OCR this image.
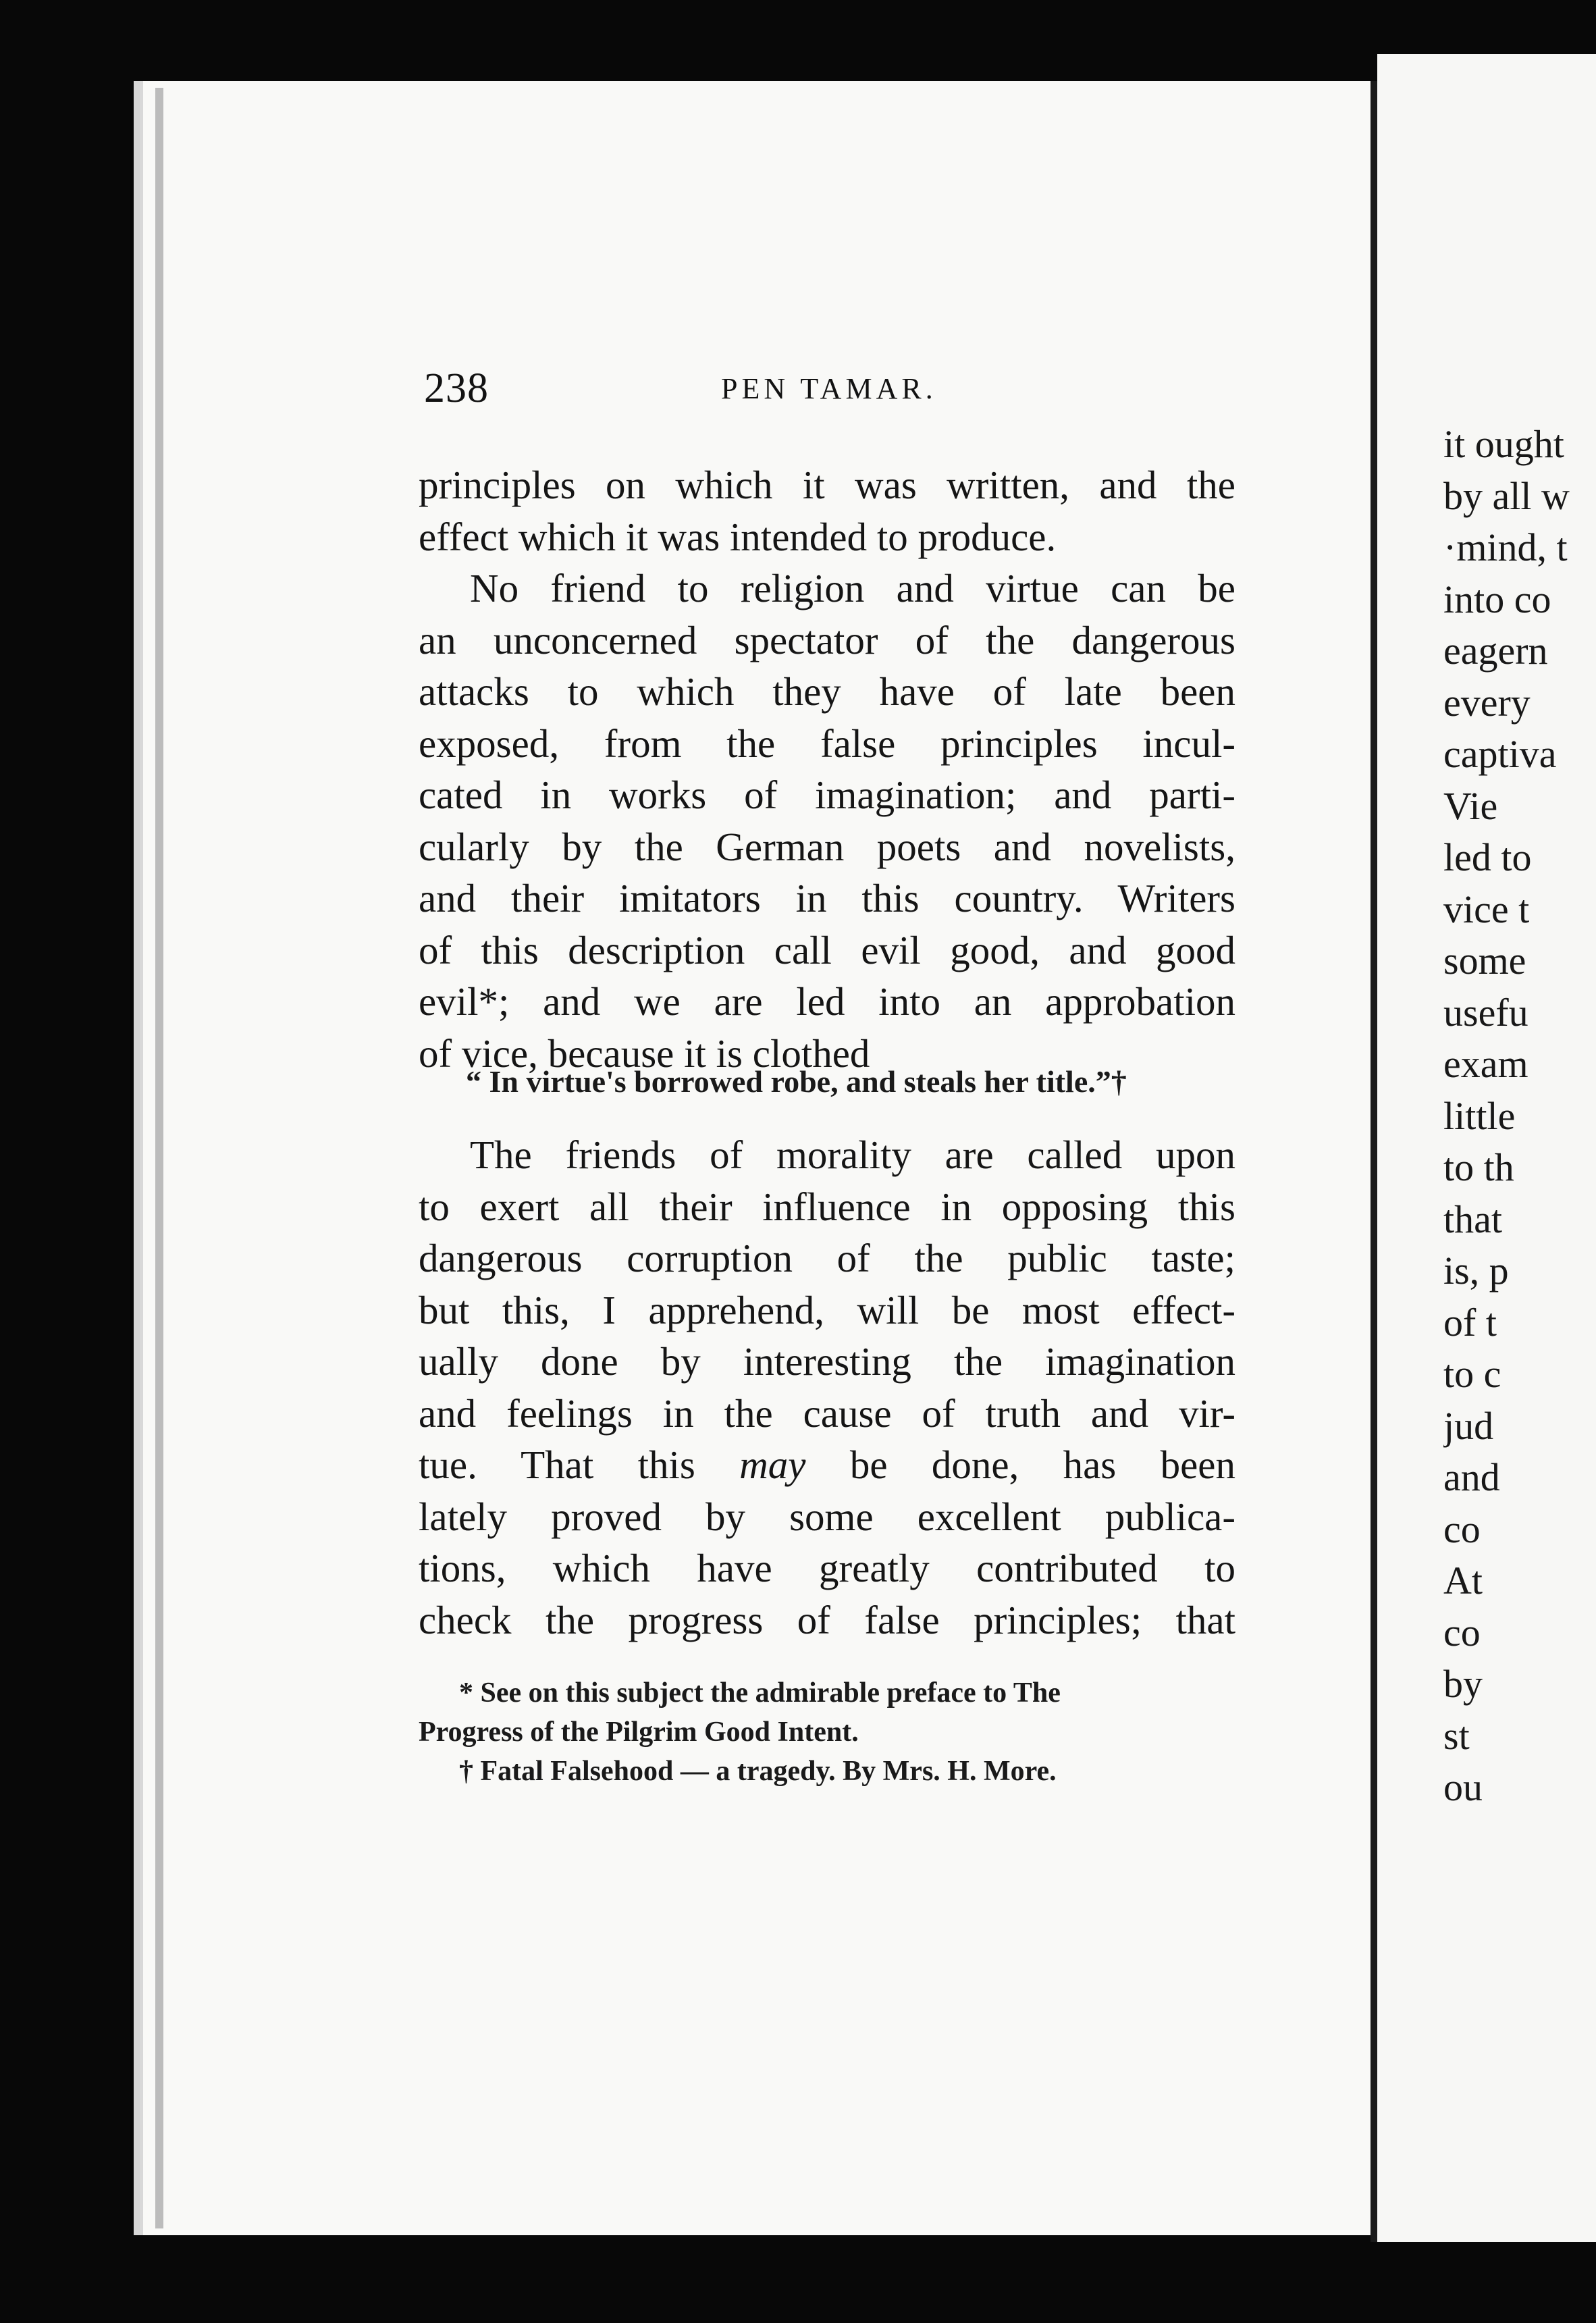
238	PEN TAMAR.
principles on which it was written, and the
effect which it was intended to produce.
No friend to religion and virtue can be
an unconcerned spectator of the dangerous
attacks to which they have of late been
exposed, from the false principles incul-
cated in works of imagination; and parti-
cularly by the German poets and novelists,
and their imitators in this country. Writers
of this description call evil good, and good
evil*; and we are led into an approbation
of vice, because it is clothed
“ In virtue's borrowed robe, and steals her title.”†
The friends of morality are called upon
to exert all their influence in opposing this
dangerous corruption of the public taste;
but this, I apprehend, will be most effect-
ually done by interesting the imagination
and feelings in the cause of truth and vir-
tue. That this may be done, has been
lately proved by some excellent publica-
tions, which have greatly contributed to
check the progress of false principles; that
* See on this subject the admirable preface to The
Progress of the Pilgrim Good Intent.
† Fatal Falsehood — a tragedy. By Mrs. H. More.
it ought
by all w
·mind, t
into co
eagern
every
captiva
Vie
led to
vice t
some
usefu
exam
little
to th
that
is, p
of t
to c
jud
and
co
At
co
by
st
ou
